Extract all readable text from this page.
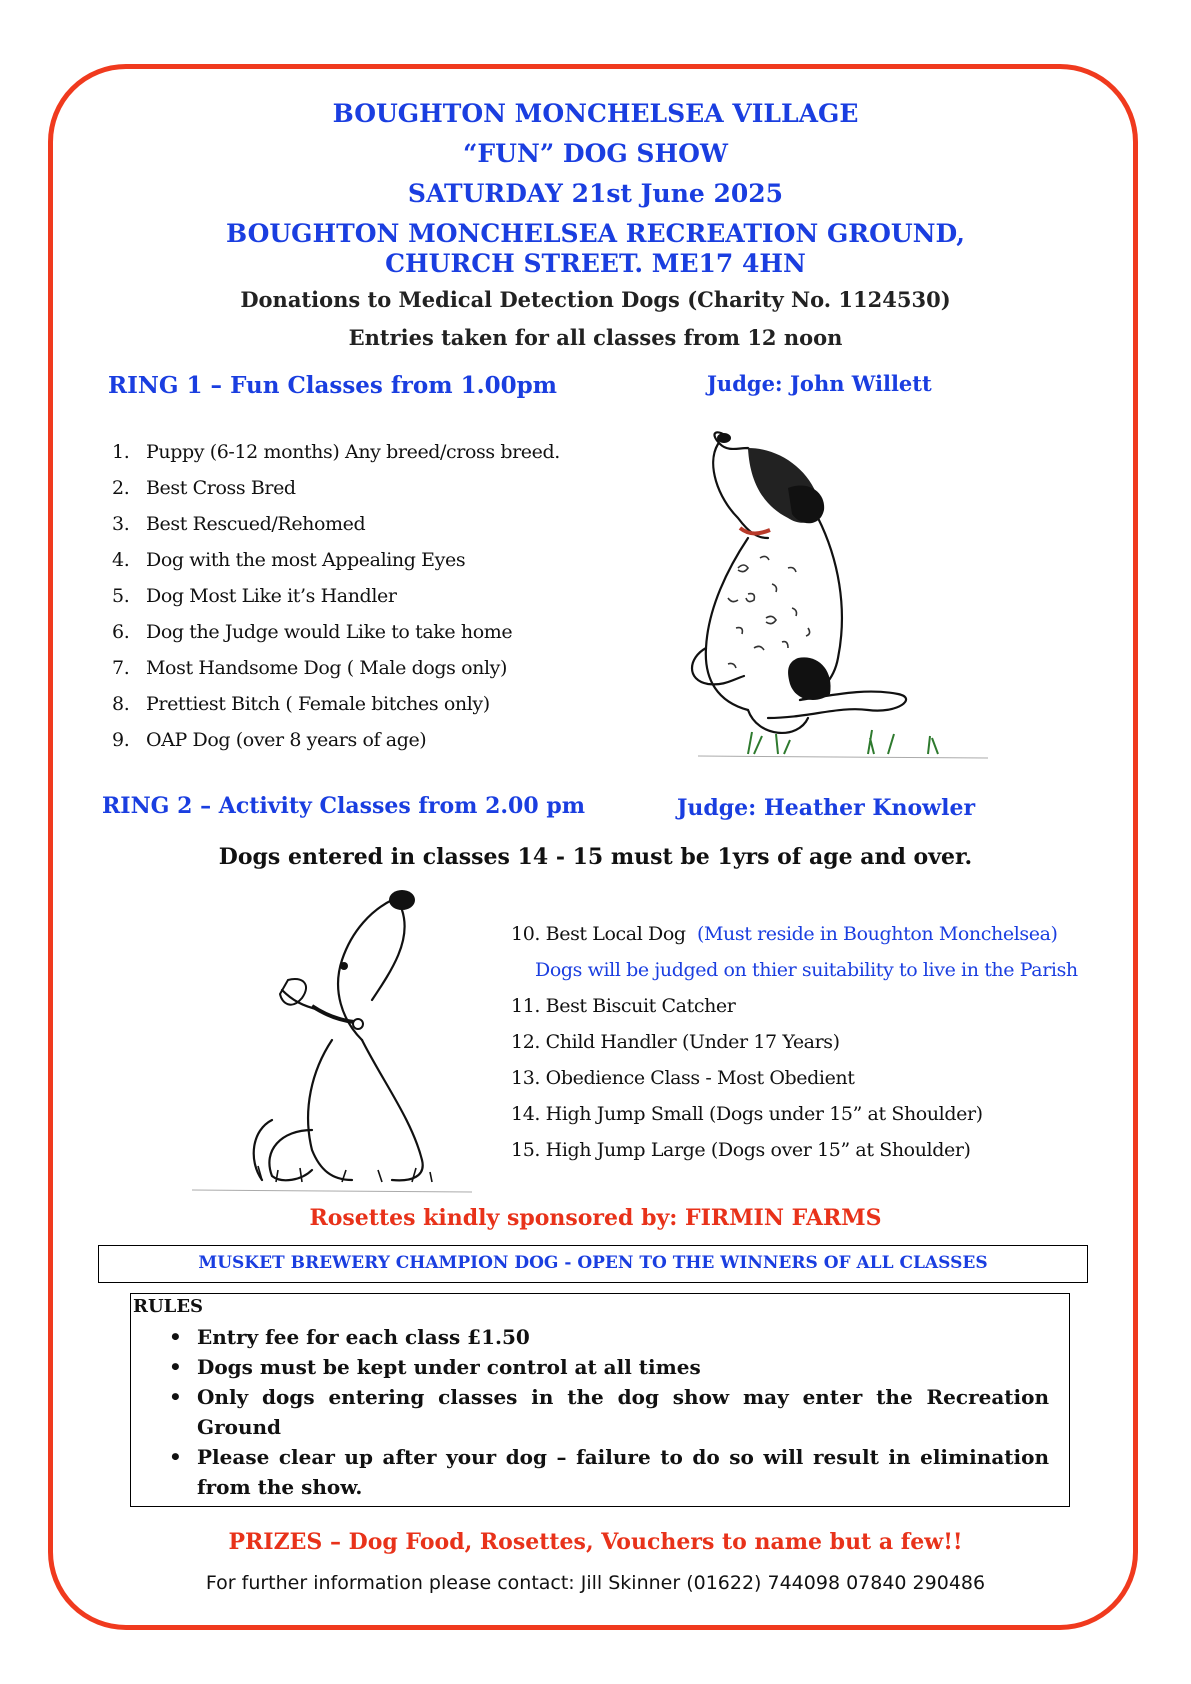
BOUGHTON MONCHELSEA VILLAGE
“FUN” DOG SHOW
SATURDAY 21st June 2025
BOUGHTON MONCHELSEA RECREATION GROUND,
CHURCH STREET. ME17 4HN
Donations to Medical Detection Dogs (Charity No. 1124530)
Entries taken for all classes from 12 noon
RING 1 – Fun Classes from 1.00pm	Judge: John Willett
1. Puppy (6-12 months) Any breed/cross breed.
2. Best Cross Bred
3. Best Rescued/Rehomed
4. Dog with the most Appealing Eyes
5. Dog Most Like it’s Handler
6. Dog the Judge would Like to take home
7. Most Handsome Dog ( Male dogs only)
8. Prettiest Bitch ( Female bitches only)
9. OAP Dog (over 8 years of age)
RING 2 – Activity Classes from 2.00 pm	Judge: Heather Knowler
Dogs entered in classes 14 - 15 must be 1yrs of age and over.
10. Best Local Dog (Must reside in Boughton Monchelsea)
Dogs will be judged on thier suitability to live in the Parish
11. Best Biscuit Catcher
12. Child Handler (Under 17 Years)
13. Obedience Class - Most Obedient
14. High Jump Small (Dogs under 15” at Shoulder)
15. High Jump Large (Dogs over 15” at Shoulder)
Rosettes kindly sponsored by: FIRMIN FARMS
MUSKET BREWERY CHAMPION DOG - OPEN TO THE WINNERS OF ALL CLASSES
RULES
• Entry fee for each class £1.50
• Dogs must be kept under control at all times
• Only dogs entering classes in the dog show may enter the Recreation Ground
• Please clear up after your dog – failure to do so will result in elimination from the show.
PRIZES – Dog Food, Rosettes, Vouchers to name but a few!!
For further information please contact: Jill Skinner (01622) 744098 07840 290486
